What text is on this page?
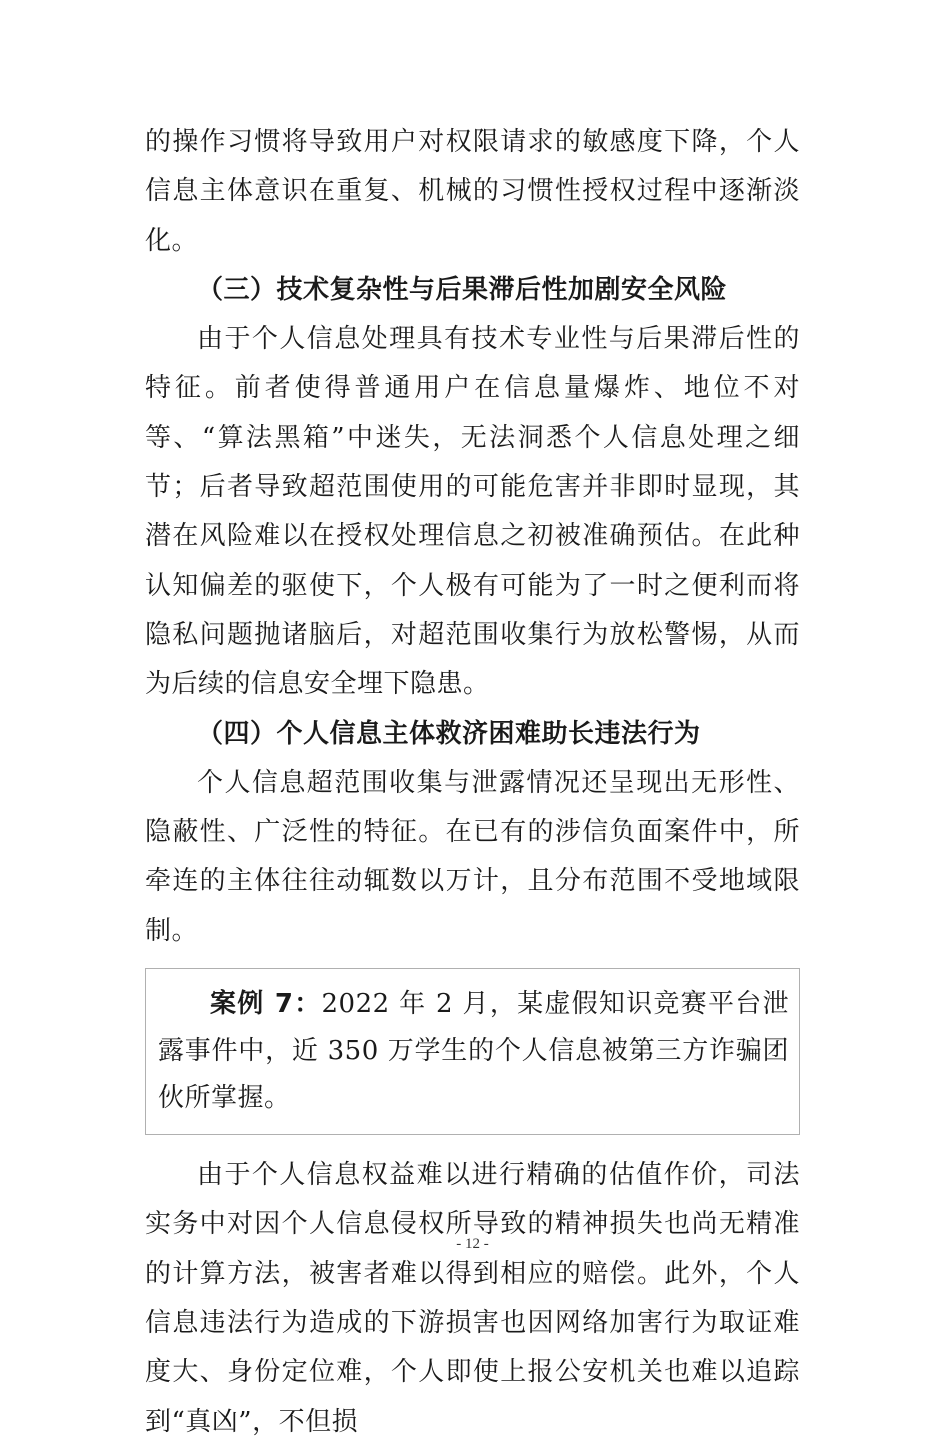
的操作习惯将导致用户对权限请求的敏感度下降，个人信息主体意识在重复、机械的习惯性授权过程中逐渐淡化。

（三）技术复杂性与后果滞后性加剧安全风险

由于个人信息处理具有技术专业性与后果滞后性的特征。前者使得普通用户在信息量爆炸、地位不对等、“算法黑箱”中迷失，无法洞悉个人信息处理之细节；后者导致超范围使用的可能危害并非即时显现，其潜在风险难以在授权处理信息之初被准确预估。在此种认知偏差的驱使下，个人极有可能为了一时之便利而将隐私问题抛诸脑后，对超范围收集行为放松警惕，从而为后续的信息安全埋下隐患。

（四）个人信息主体救济困难助长违法行为

个人信息超范围收集与泄露情况还呈现出无形性、隐蔽性、广泛性的特征。在已有的涉信负面案件中，所牵连的主体往往动辄数以万计，且分布范围不受地域限制。

案例 7：2022 年 2 月，某虚假知识竞赛平台泄露事件中，近 350 万学生的个人信息被第三方诈骗团伙所掌握。

由于个人信息权益难以进行精确的估值作价，司法实务中对因个人信息侵权所导致的精神损失也尚无精准的计算方法，被害者难以得到相应的赔偿。此外，个人信息违法行为造成的下游损害也因网络加害行为取证难度大、身份定位难，个人即使上报公安机关也难以追踪到“真凶”，不但损

- 12 -
